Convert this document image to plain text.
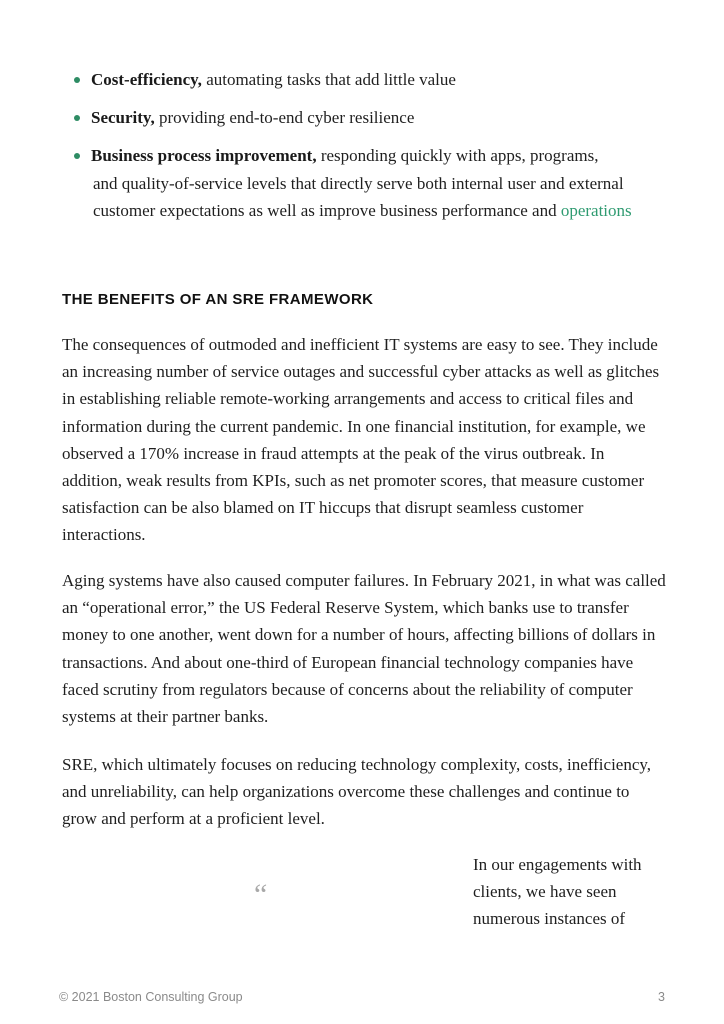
Cost-efficiency, automating tasks that add little value
Security, providing end-to-end cyber resilience
Business process improvement, responding quickly with apps, programs,
and quality-of-service levels that directly serve both internal user and external customer expectations as well as improve business performance and operations
THE BENEFITS OF AN SRE FRAMEWORK

The consequences of outmoded and inefficient IT systems are easy to see. They include an increasing number of service outages and successful cyber attacks as well as glitches in establishing reliable remote-working arrangements and access to critical files and information during the current pandemic. In one financial institution, for example, we observed a 170% increase in fraud attempts at the peak of the virus outbreak. In addition, weak results from KPIs, such as net promoter scores, that measure customer satisfaction can be also blamed on IT hiccups that disrupt seamless customer interactions.

Aging systems have also caused computer failures. In February 2021, in what was called an “operational error,” the US Federal Reserve System, which banks use to transfer money to one another, went down for a number of hours, affecting billions of dollars in transactions. And about one-third of European financial technology companies have faced scrutiny from regulators because of concerns about the reliability of computer systems at their partner banks.

SRE, which ultimately focuses on reducing technology complexity, costs, inefficiency, and unreliability, can help organizations overcome these challenges and continue to grow and perform at a proficient level.

“

In our engagements with clients, we have seen numerous instances of

© 2021 Boston Consulting Group	3
